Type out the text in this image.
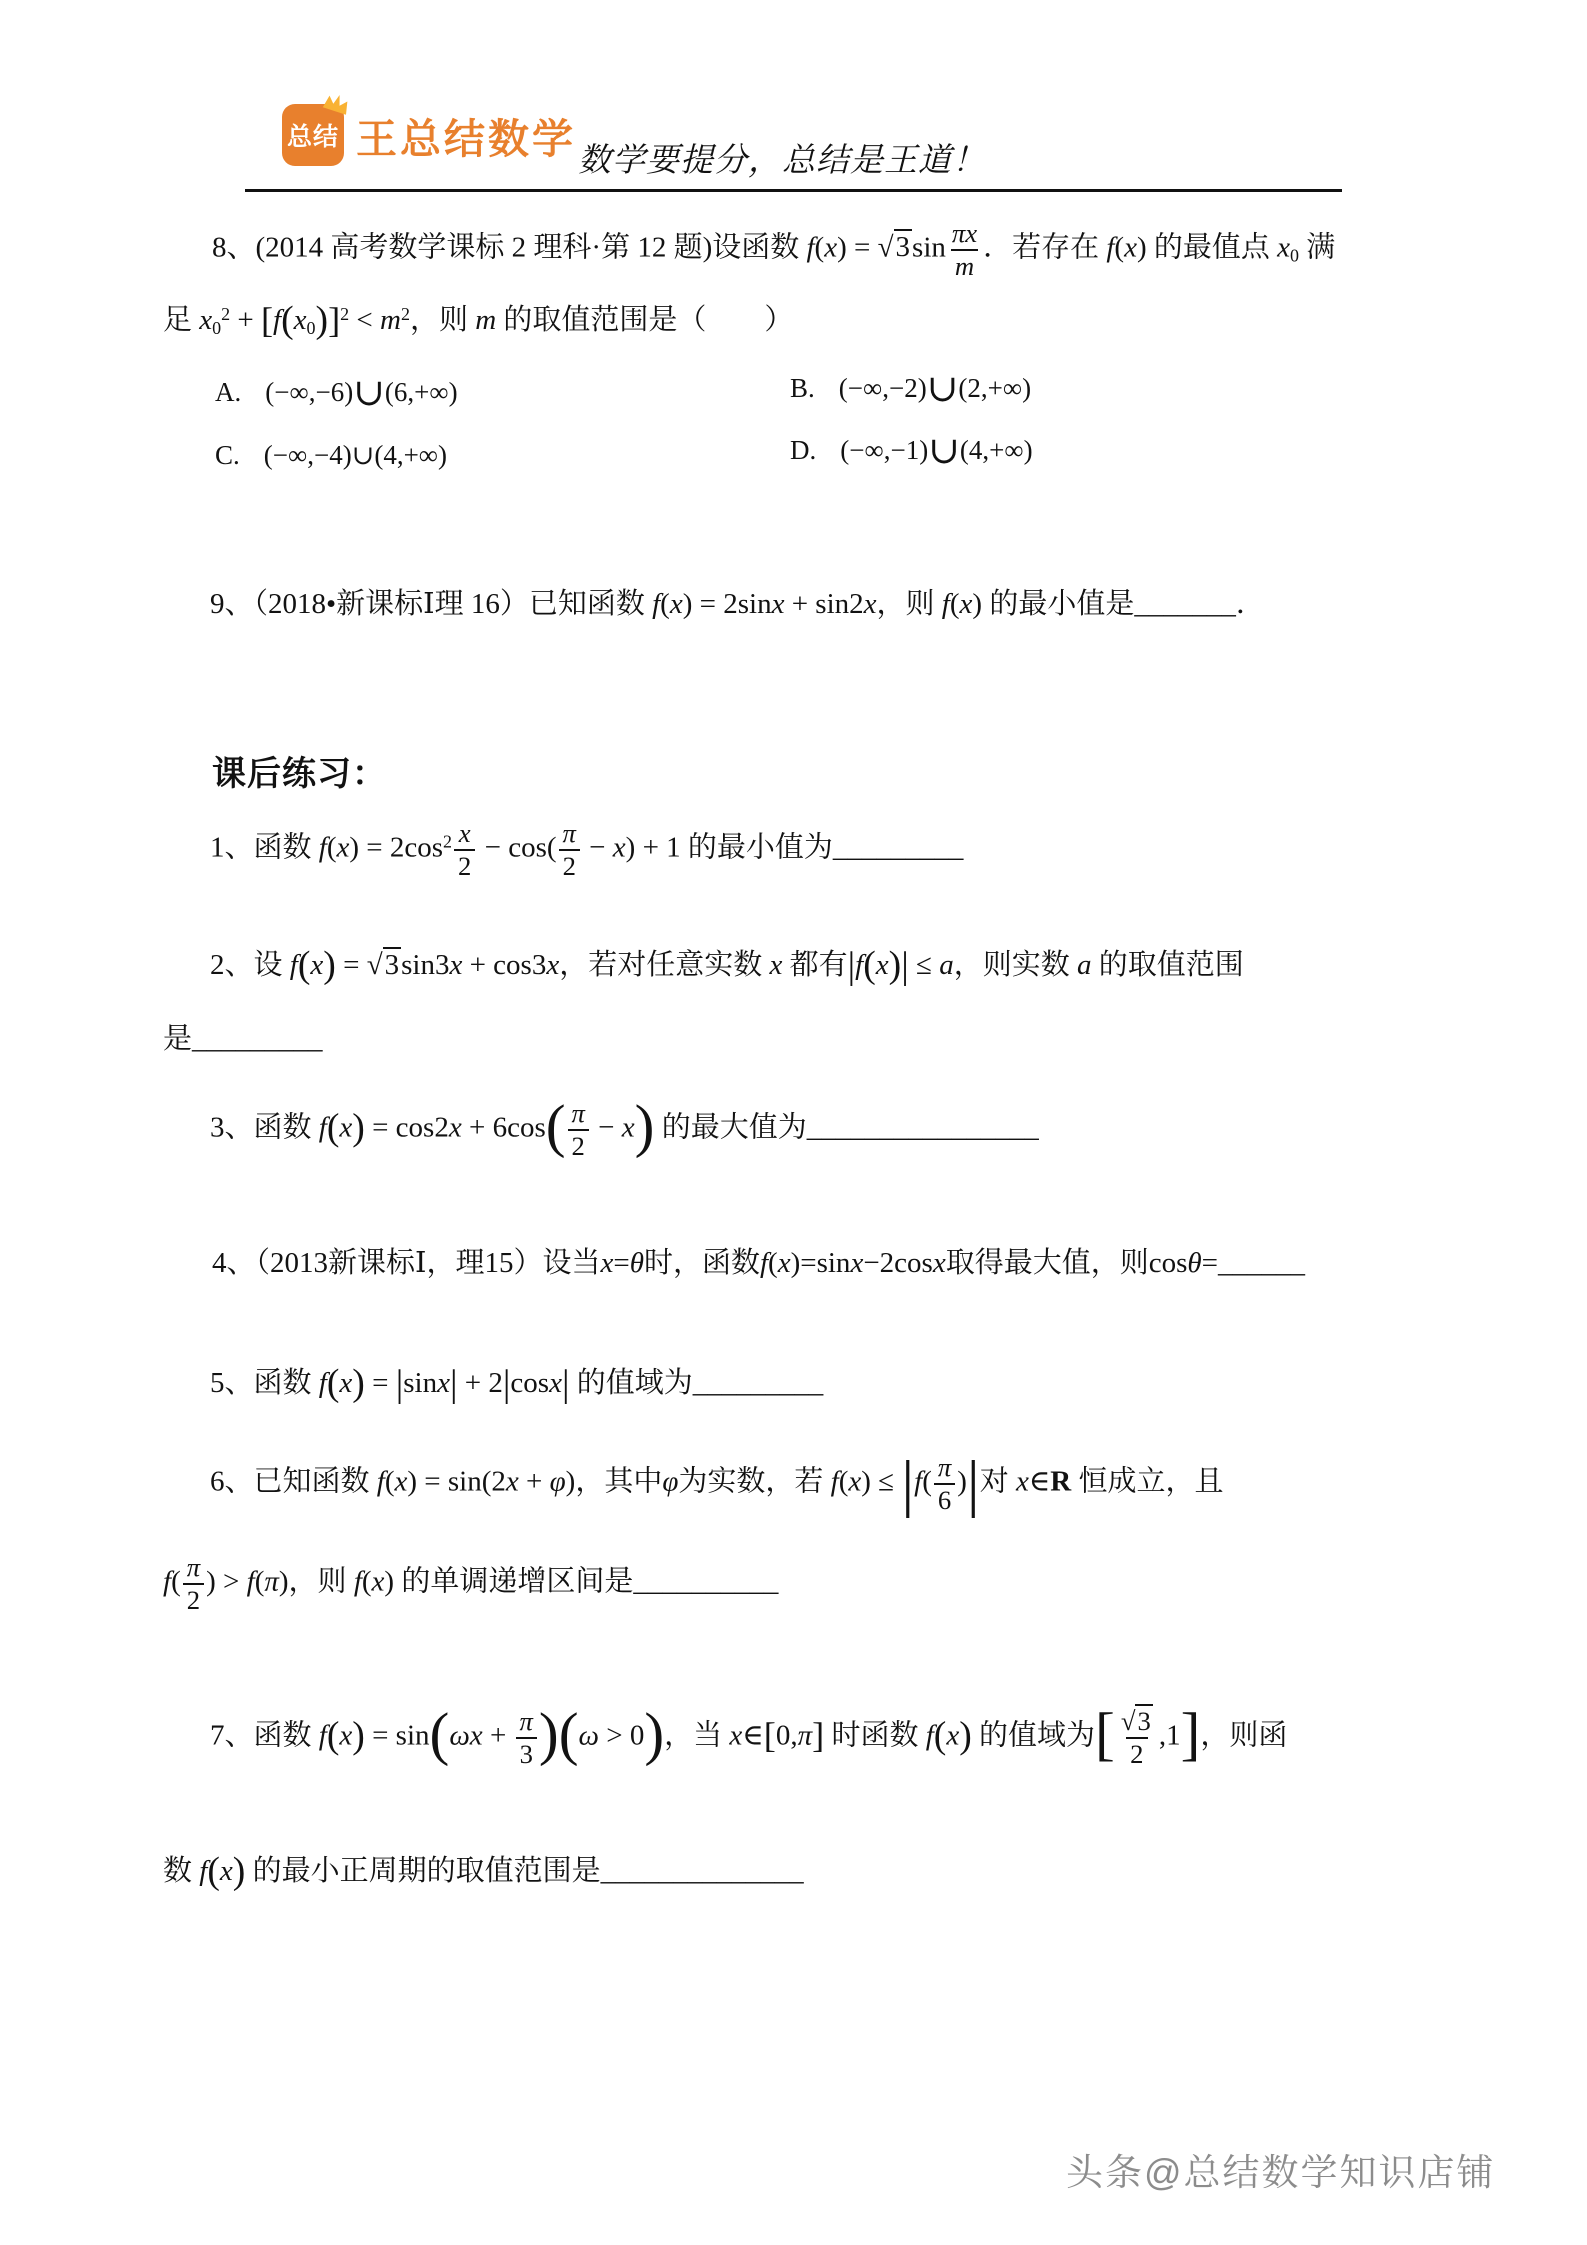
总结 王总结数学 数学要提分，总结是王道！
8、(2014 高考数学课标 2 理科·第 12 题)设函数 $f(x) = √3\sin \frac{\pi x}{m}$ ．若存在 f(x) 的最值点 $x_0$ 满
足 $x_0^2 + [f(x_0)]^2 < m^2$，则 m 的取值范围是（　　）
A. (−∞,−6)∪(6,+∞)	B. (−∞,−2)∪(2,+∞)
C. (−∞,−4)∪(4,+∞)	D. (−∞,−1)∪(4,+∞)
9、（2018•新课标Ⅰ理 16）已知函数 f(x) = 2sinx + sin2x，则 f(x) 的最小值是_______．
课后练习：
1、函数 $f(x) = 2\cos^2 \frac{x}{2} - \cos( \frac{\pi}{2} - x) + 1$ 的最小值为_________
2、设 f(x) = √3sin3x + cos3x，若对任意实数 x 都有|f(x)| ≤ a，则实数 a 的取值范围
是_________
3、函数 $f(x) = \cos 2x + 6\cos( \frac{\pi}{2} - x)$ 的最大值为________________
4、（2013新课标Ⅰ，理15）设当x=θ时，函数f(x)=sinx−2cosx取得最大值，则cosθ=______
5、函数 f(x) = |sinx| + 2|cosx| 的值域为_________
6、已知函数 f(x) = sin(2x + φ)，其中φ为实数，若 $f(x) \le |f( \frac{\pi}{6}$ )|对 x∈R 恒成立，且
$f( \frac{\pi}{2}$ ) > f(π)，则 f(x) 的单调递增区间是__________
7、函数 $f(x) = \sin(\omega x + \frac{\pi}{3} )(\omega > 0)$，当 x∈[0,π] 时函数 f(x) 的值域为[ $\frac{√3}{2} ,1$]，则函
数 f(x) 的最小正周期的取值范围是______________
头条@总结数学知识店铺
